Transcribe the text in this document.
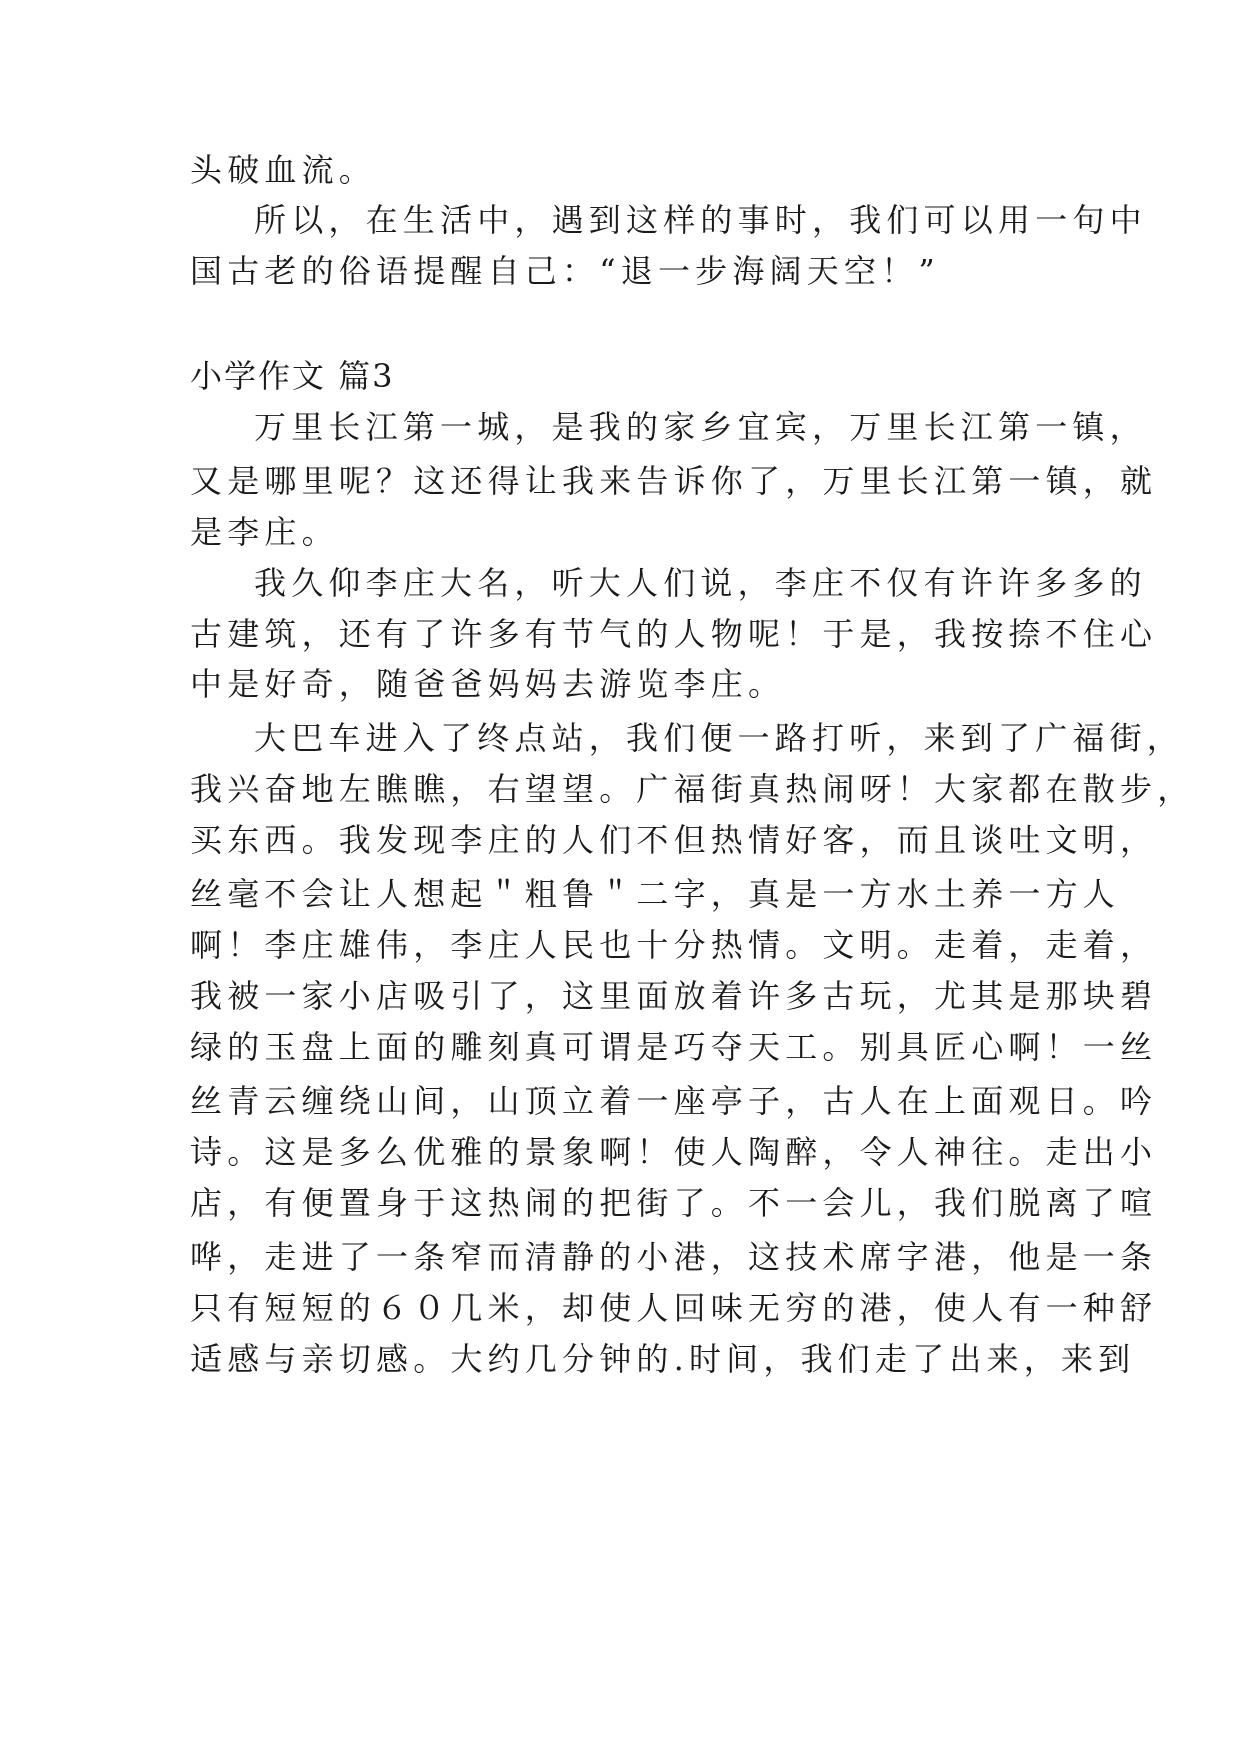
头破血流。
所以，在生活中，遇到这样的事时，我们可以用一句中
国古老的俗语提醒自己：“退一步海阔天空！”
小学作文 篇3
万里长江第一城，是我的家乡宜宾，万里长江第一镇，
又是哪里呢？这还得让我来告诉你了，万里长江第一镇，就
是李庄。
我久仰李庄大名，听大人们说，李庄不仅有许许多多的
古建筑，还有了许多有节气的人物呢！于是，我按捺不住心
中是好奇，随爸爸妈妈去游览李庄。
大巴车进入了终点站，我们便一路打听，来到了广福街，
我兴奋地左瞧瞧，右望望。广福街真热闹呀！大家都在散步，
买东西。我发现李庄的人们不但热情好客，而且谈吐文明，
丝毫不会让人想起＂粗鲁＂二字，真是一方水土养一方人
啊！李庄雄伟，李庄人民也十分热情。文明。走着，走着，
我被一家小店吸引了，这里面放着许多古玩，尤其是那块碧
绿的玉盘上面的雕刻真可谓是巧夺天工。别具匠心啊！一丝
丝青云缠绕山间，山顶立着一座亭子，古人在上面观日。吟
诗。这是多么优雅的景象啊！使人陶醉，令人神往。走出小
店，有便置身于这热闹的把街了。不一会儿，我们脱离了喧
哗，走进了一条窄而清静的小港，这技术席字港，他是一条
只有短短的６０几米，却使人回味无穷的港，使人有一种舒
适感与亲切感。大约几分钟的.时间，我们走了出来，来到
